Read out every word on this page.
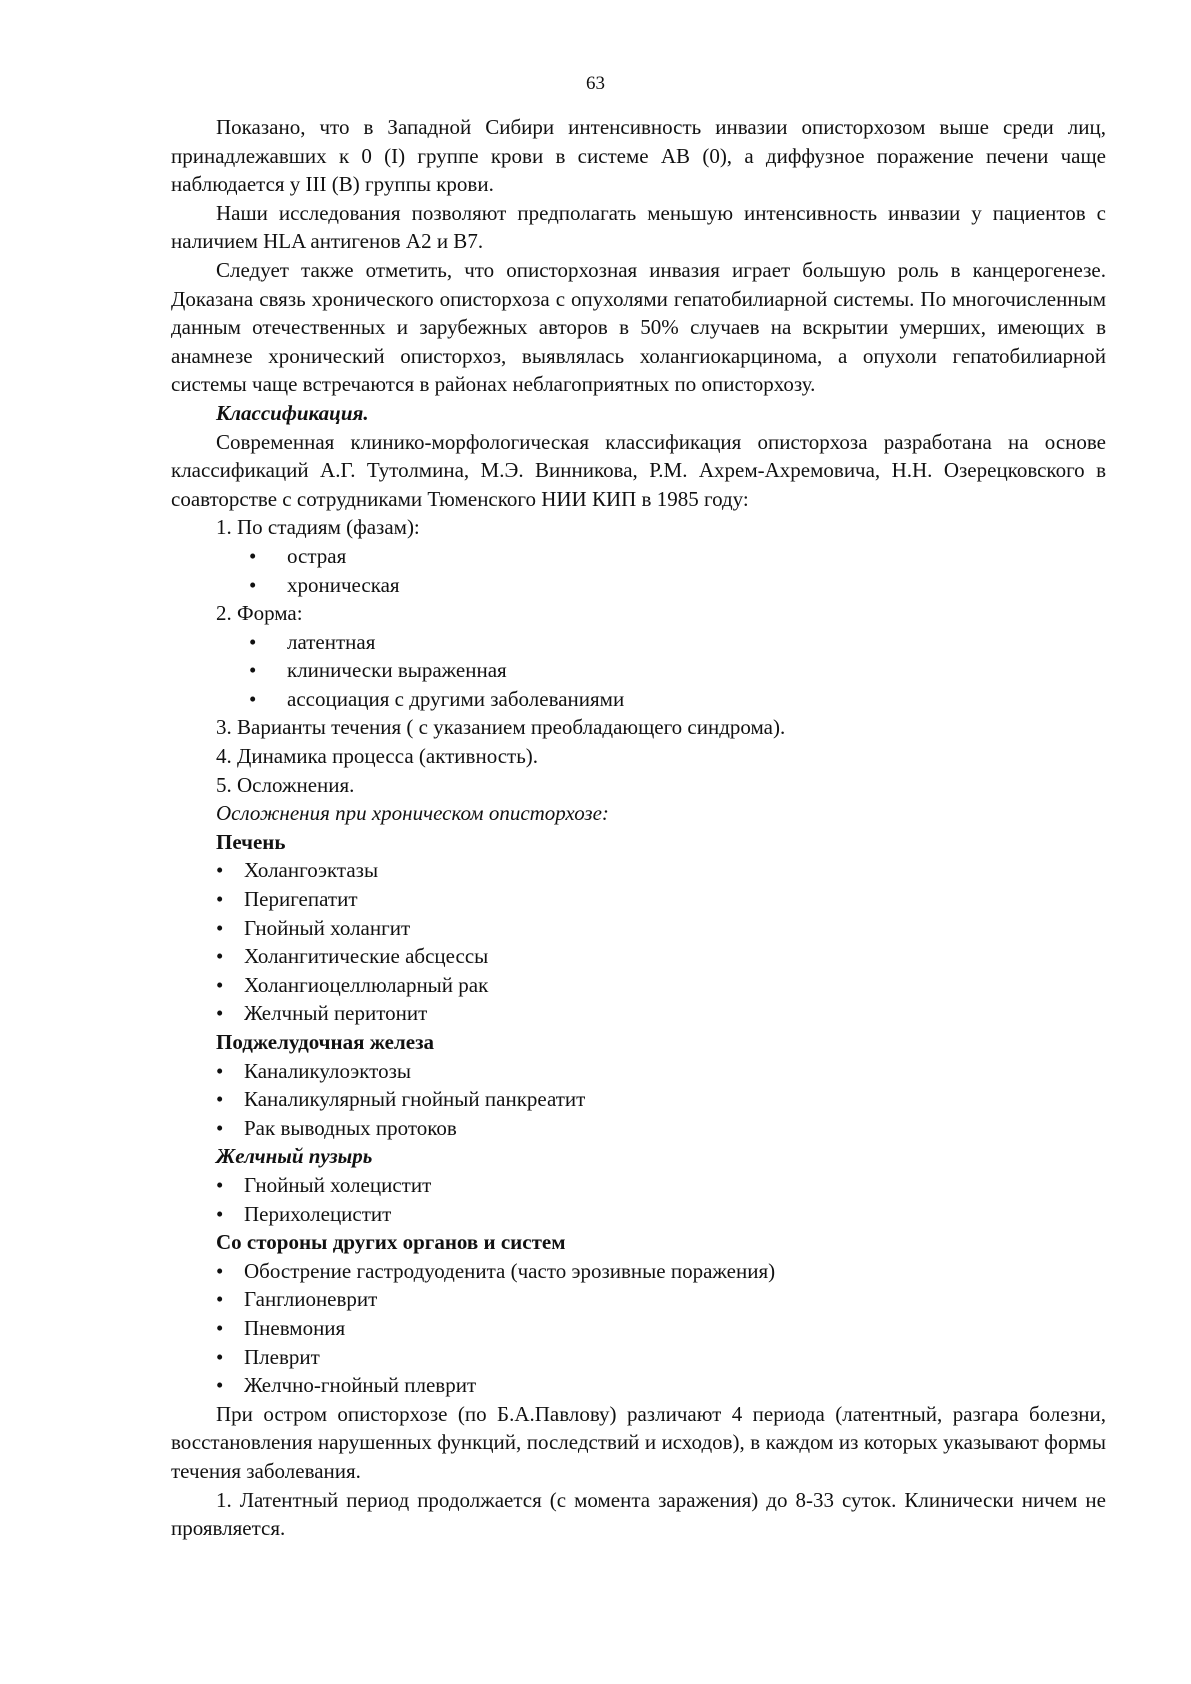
63

Показано, что в Западной Сибири интенсивность инвазии описторхозом выше среди лиц, принадлежавших к 0 (I) группе крови в системе АВ (0), а диффузное поражение печени чаще наблюдается у III (В) группы крови.

Наши исследования позволяют предполагать меньшую интенсивность инвазии у пациентов с наличием HLA антигенов А2 и В7.

Следует также отметить, что описторхозная инвазия играет большую роль в канцерогенезе. Доказана связь хронического описторхоза с опухолями гепатобилиарной системы. По многочисленным данным отечественных и зарубежных авторов в 50% случаев на вскрытии умерших, имеющих в анамнезе хронический описторхоз, выявлялась холангиокарцинома, а опухоли гепатобилиарной системы чаще встречаются в районах неблагоприятных по описторхозу.

Классификация.

Современная клинико-морфологическая классификация описторхоза разработана на основе классификаций А.Г. Тутолмина, М.Э. Винникова, Р.М. Ахрем-Ахремовича, Н.Н. Озерецковского в соавторстве с сотрудниками Тюменского НИИ КИП в 1985 году:

1. По стадиям (фазам):

• острая

• хроническая

2. Форма:

• латентная

• клинически выраженная

• ассоциация с другими заболеваниями

3. Варианты течения ( с указанием преобладающего синдрома).

4. Динамика процесса (активность).

5. Осложнения.

Осложнения при хроническом описторхозе:

Печень

• Холангоэктазы

• Перигепатит

• Гнойный холангит

• Холангитические абсцессы

• Холангиоцеллюларный рак

• Желчный перитонит

Поджелудочная железа

• Каналикулоэктозы

• Каналикулярный гнойный панкреатит

• Рак выводных протоков

Желчный пузырь

• Гнойный холецистит

• Перихолецистит

Со стороны других органов и систем

• Обострение гастродуоденита (часто эрозивные поражения)

• Ганглионеврит

• Пневмония

• Плеврит

• Желчно-гнойный плеврит

При остром описторхозе (по Б.А.Павлову) различают 4 периода (латентный, разгара болезни, восстановления нарушенных функций, последствий и исходов), в каждом из которых указывают формы течения заболевания.

1. Латентный период продолжается (с момента заражения) до 8-33 суток. Клинически ничем не проявляется.
